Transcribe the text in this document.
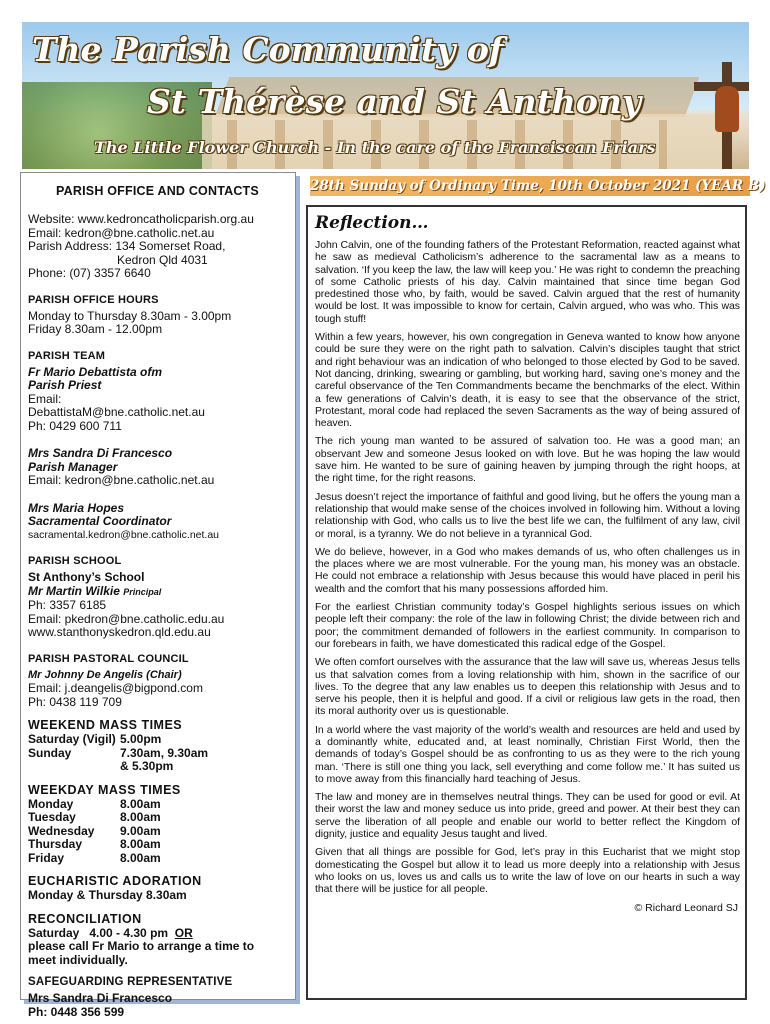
The Parish Community of
St Thérèse and St Anthony
The Little Flower Church - In the care of the Franciscan Friars
PARISH OFFICE AND CONTACTS
Website: www.kedroncatholicparish.org.au
Email: kedron@bne.catholic.net.au
Parish Address: 134 Somerset Road,
Kedron Qld 4031
Phone: (07) 3357 6640
PARISH OFFICE HOURS
Monday to Thursday 8.30am - 3.00pm
Friday 8.30am - 12.00pm
PARISH TEAM
Fr Mario Debattista ofm
Parish Priest
Email:
DebattistaM@bne.catholic.net.au
Ph: 0429 600 711
Mrs Sandra Di Francesco
Parish Manager
Email: kedron@bne.catholic.net.au
Mrs Maria Hopes
Sacramental Coordinator
sacramental.kedron@bne.catholic.net.au
PARISH SCHOOL
St Anthony’s School
Mr Martin Wilkie Principal
Ph: 3357 6185
Email: pkedron@bne.catholic.edu.au
www.stanthonyskedron.qld.edu.au
PARISH PASTORAL COUNCIL
Mr Johnny De Angelis (Chair)
Email: j.deangelis@bigpond.com
Ph: 0438 119 709
WEEKEND MASS TIMES
Saturday (Vigil) 5.00pm
Sunday	7.30am, 9.30am
& 5.30pm
WEEKDAY MASS TIMES
Monday	8.00am
Tuesday	8.00am
Wednesday	9.00am
Thursday	8.00am
Friday	8.00am
EUCHARISTIC ADORATION
Monday & Thursday 8.30am
RECONCILIATION
Saturday   4.00 - 4.30 pm  OR
please call Fr Mario to arrange a time to
meet individually.
SAFEGUARDING REPRESENTATIVE
Mrs Sandra Di Francesco
Ph: 0448 356 599
28th Sunday of Ordinary Time, 10th October 2021 (YEAR B)
Reflection…

John Calvin, one of the founding fathers of the Protestant Reformation, reacted against what he saw as medieval Catholicism’s adherence to the sacramental law as a means to salvation. ‘If you keep the law, the law will keep you.’ He was right to condemn the preaching of some Catholic priests of his day. Calvin maintained that since time began God predestined those who, by faith, would be saved. Calvin argued that the rest of humanity would be lost. It was impossible to know for certain, Calvin argued, who was who. This was tough stuff!

Within a few years, however, his own congregation in Geneva wanted to know how anyone could be sure they were on the right path to salvation. Calvin’s disciples taught that strict and right behaviour was an indication of who belonged to those elected by God to be saved. Not dancing, drinking, swearing or gambling, but working hard, saving one’s money and the careful observance of the Ten Commandments became the benchmarks of the elect. Within a few generations of Calvin’s death, it is easy to see that the observance of the strict, Protestant, moral code had replaced the seven Sacraments as the way of being assured of heaven.

The rich young man wanted to be assured of salvation too. He was a good man; an observant Jew and someone Jesus looked on with love. But he was hoping the law would save him. He wanted to be sure of gaining heaven by jumping through the right hoops, at the right time, for the right reasons.

Jesus doesn’t reject the importance of faithful and good living, but he offers the young man a relationship that would make sense of the choices involved in following him. Without a loving relationship with God, who calls us to live the best life we can, the fulfilment of any law, civil or moral, is a tyranny. We do not believe in a tyrannical God.

We do believe, however, in a God who makes demands of us, who often challenges us in the places where we are most vulnerable. For the young man, his money was an obstacle. He could not embrace a relationship with Jesus because this would have placed in peril his wealth and the comfort that his many possessions afforded him.

For the earliest Christian community today’s Gospel highlights serious issues on which people left their company: the role of the law in following Christ; the divide between rich and poor; the commitment demanded of followers in the earliest community. In comparison to our forebears in faith, we have domesticated this radical edge of the Gospel.

We often comfort ourselves with the assurance that the law will save us, whereas Jesus tells us that salvation comes from a loving relationship with him, shown in the sacrifice of our lives. To the degree that any law enables us to deepen this relationship with Jesus and to serve his people, then it is helpful and good. If a civil or religious law gets in the road, then its moral authority over us is questionable.

In a world where the vast majority of the world’s wealth and resources are held and used by a dominantly white, educated and, at least nominally, Christian First World, then the demands of today’s Gospel should be as confronting to us as they were to the rich young man. ‘There is still one thing you lack, sell everything and come follow me.’ It has suited us to move away from this financially hard teaching of Jesus.

The law and money are in themselves neutral things. They can be used for good or evil. At their worst the law and money seduce us into pride, greed and power. At their best they can serve the liberation of all people and enable our world to better reflect the Kingdom of dignity, justice and equality Jesus taught and lived.

Given that all things are possible for God, let’s pray in this Eucharist that we might stop domesticating the Gospel but allow it to lead us more deeply into a relationship with Jesus who looks on us, loves us and calls us to write the law of love on our hearts in such a way that there will be justice for all people.

© Richard Leonard SJ
